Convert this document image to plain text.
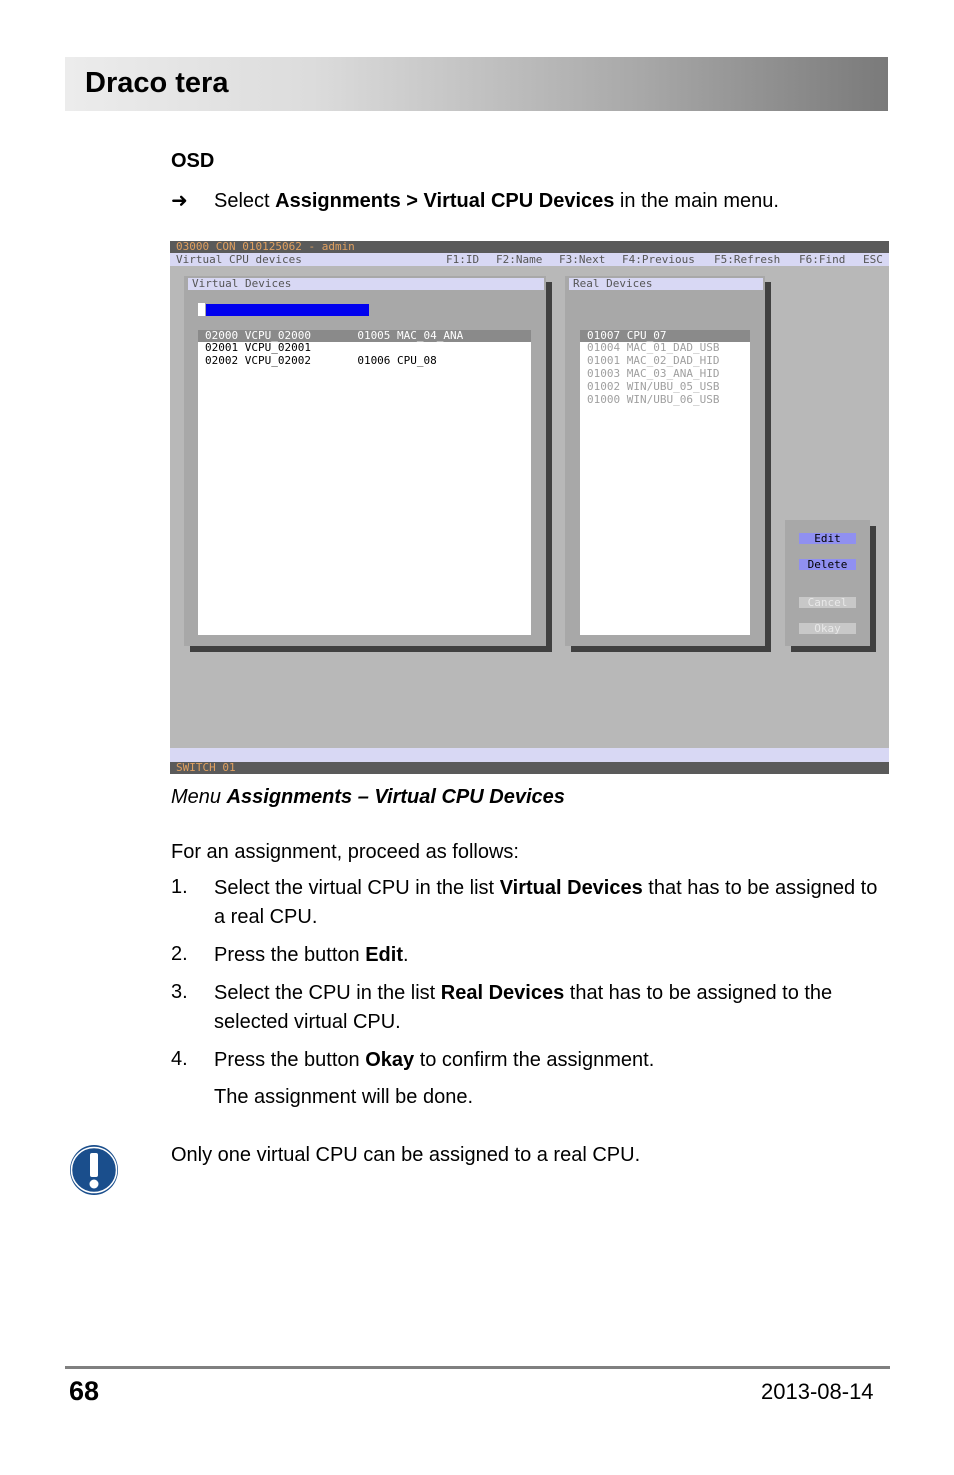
Draco tera
OSD
➜ Select Assignments > Virtual CPU Devices in the main menu.
03000 CON 010125062 - admin
Virtual CPU devices	F1:ID F2:Name F3:Next F4:Previous F5:Refresh F6:Find ESC
Virtual Devices
02000 VCPU_02000       01005 MAC_04_ANA
02001 VCPU_02001
02002 VCPU_02002       01006 CPU_08
Real Devices
01007 CPU_07
01004 MAC_01_DAD_USB
01001 MAC_02_DAD_HID
01003 MAC_03_ANA_HID
01002 WIN/UBU_05_USB
01000 WIN/UBU_06_USB
Edit
Delete
Cancel
Okay
SWITCH 01
Menu Assignments – Virtual CPU Devices
For an assignment, proceed as follows:
1. Select the virtual CPU in the list Virtual Devices that has to be assigned to a real CPU.
2. Press the button Edit.
3. Select the CPU in the list Real Devices that has to be assigned to the selected virtual CPU.
4. Press the button Okay to confirm the assignment.
The assignment will be done.
Only one virtual CPU can be assigned to a real CPU.
68	2013-08-14
